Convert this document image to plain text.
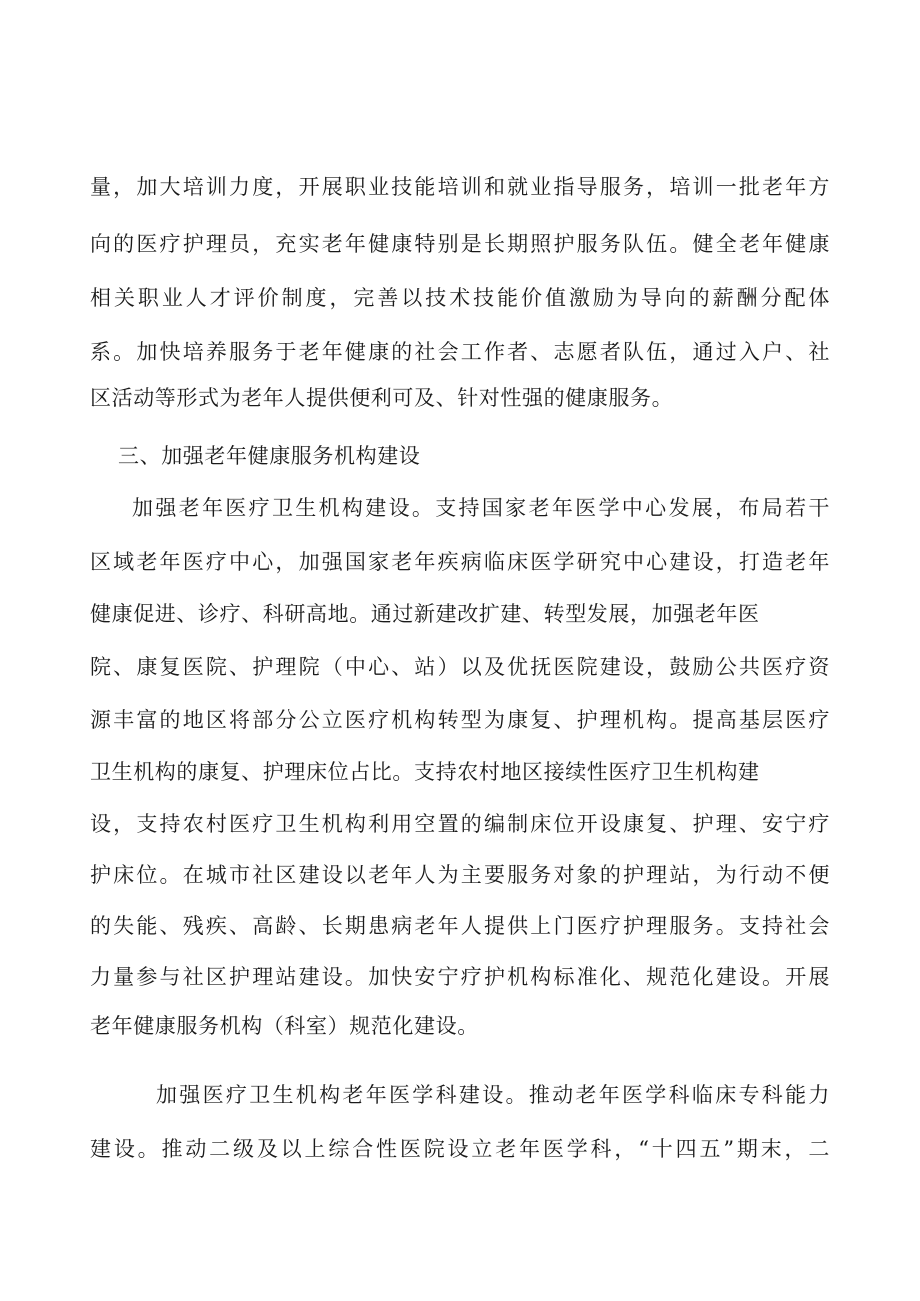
量，加大培训力度，开展职业技能培训和就业指导服务，培训一批老年方
向的医疗护理员，充实老年健康特别是长期照护服务队伍。健全老年健康
相关职业人才评价制度，完善以技术技能价值激励为导向的薪酬分配体
系。加快培养服务于老年健康的社会工作者、志愿者队伍，通过入户、社
区活动等形式为老年人提供便利可及、针对性强的健康服务。
三、加强老年健康服务机构建设
加强老年医疗卫生机构建设。支持国家老年医学中心发展，布局若干
区域老年医疗中心，加强国家老年疾病临床医学研究中心建设，打造老年
健康促进、诊疗、科研高地。通过新建改扩建、转型发展，加强老年医
院、康复医院、护理院（中心、站）以及优抚医院建设，鼓励公共医疗资
源丰富的地区将部分公立医疗机构转型为康复、护理机构。提高基层医疗
卫生机构的康复、护理床位占比。支持农村地区接续性医疗卫生机构建
设，支持农村医疗卫生机构利用空置的编制床位开设康复、护理、安宁疗
护床位。在城市社区建设以老年人为主要服务对象的护理站，为行动不便
的失能、残疾、高龄、长期患病老年人提供上门医疗护理服务。支持社会
力量参与社区护理站建设。加快安宁疗护机构标准化、规范化建设。开展
老年健康服务机构（科室）规范化建设。
加强医疗卫生机构老年医学科建设。推动老年医学科临床专科能力
建设。推动二级及以上综合性医院设立老年医学科，“十四五”期末，二
